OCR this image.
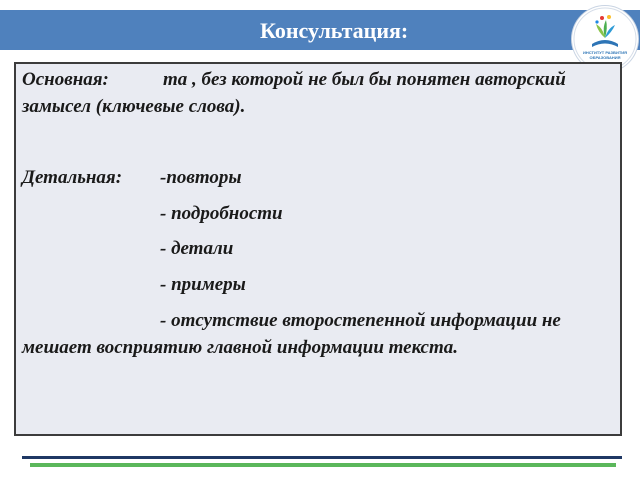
Консультация:
ИНСТИТУТ РАЗВИТИЯ ОБРАЗОВАНИЯ
Основная:	та , без которой не был бы понятен авторский
замысел (ключевые слова).
Детальная: -повторы
- подробности
- детали
- примеры
- отсутствие второстепенной информации не
мешает восприятию главной информации текста.
